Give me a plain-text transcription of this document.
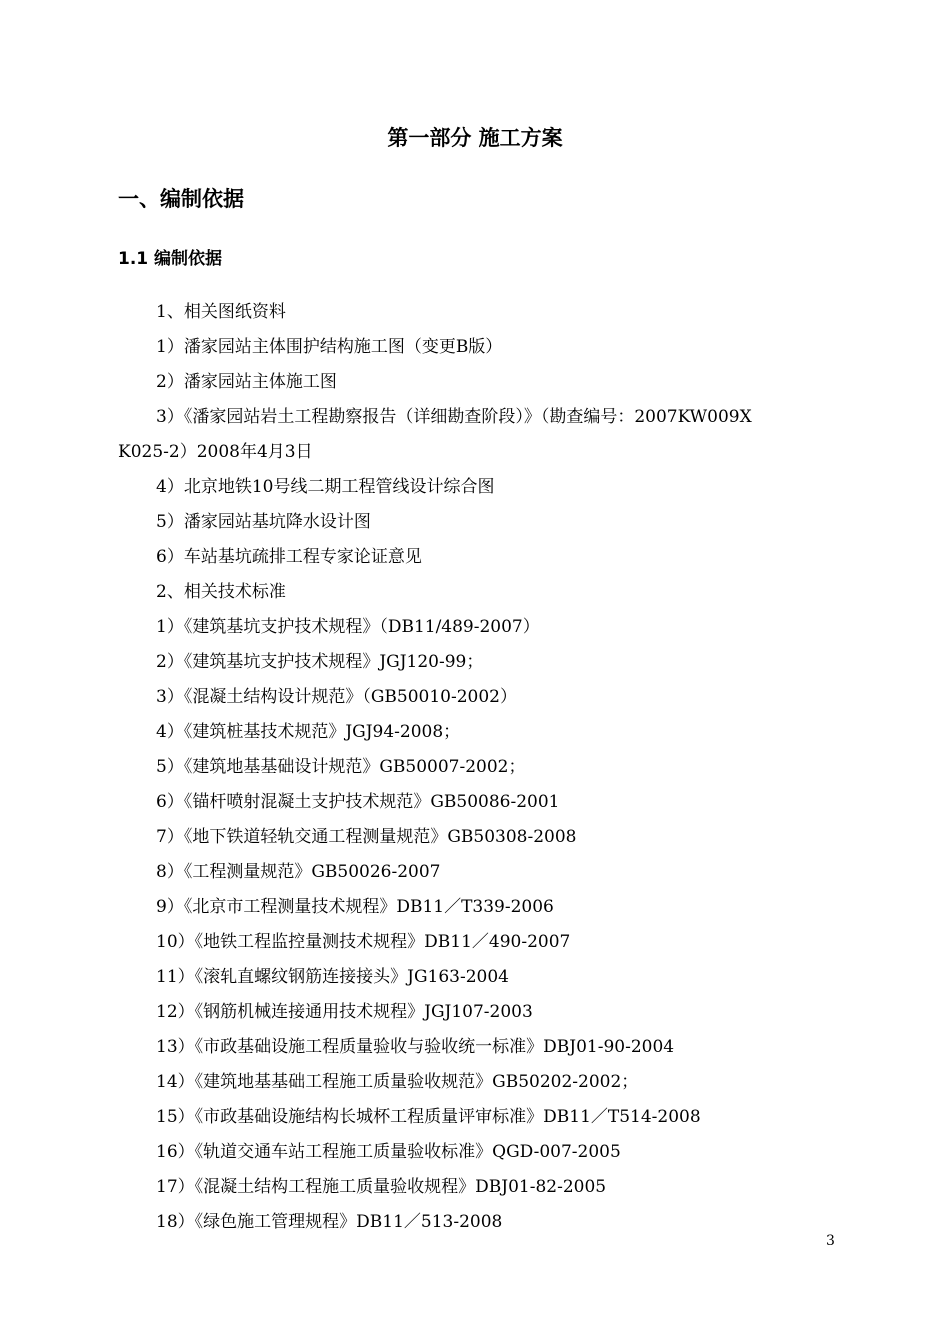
第一部分 施工方案
一、编制依据
1.1 编制依据
1、相关图纸资料
1）潘家园站主体围护结构施工图（变更B版）
2）潘家园站主体施工图
3）《潘家园站岩土工程勘察报告（详细勘查阶段）》（勘查编号：2007KW009X
K025-2）2008年4月3日
4）北京地铁10号线二期工程管线设计综合图
5）潘家园站基坑降水设计图
6）车站基坑疏排工程专家论证意见
2、相关技术标准
1）《建筑基坑支护技术规程》（DB11/489-2007）
2）《建筑基坑支护技术规程》JGJ120-99；
3）《混凝土结构设计规范》（GB50010-2002）
4）《建筑桩基技术规范》JGJ94-2008；
5）《建筑地基基础设计规范》GB50007-2002；
6）《锚杆喷射混凝土支护技术规范》GB50086-2001
7）《地下铁道轻轨交通工程测量规范》GB50308-2008
8）《工程测量规范》GB50026-2007
9）《北京市工程测量技术规程》DB11／T339-2006
10）《地铁工程监控量测技术规程》DB11／490-2007
11）《滚轧直螺纹钢筋连接接头》JG163-2004
12）《钢筋机械连接通用技术规程》JGJ107-2003
13）《市政基础设施工程质量验收与验收统一标准》DBJ01-90-2004
14）《建筑地基基础工程施工质量验收规范》GB50202-2002；
15）《市政基础设施结构长城杯工程质量评审标准》DB11／T514-2008
16）《轨道交通车站工程施工质量验收标准》QGD-007-2005
17）《混凝土结构工程施工质量验收规程》DBJ01-82-2005
18）《绿色施工管理规程》DB11／513-2008
3
